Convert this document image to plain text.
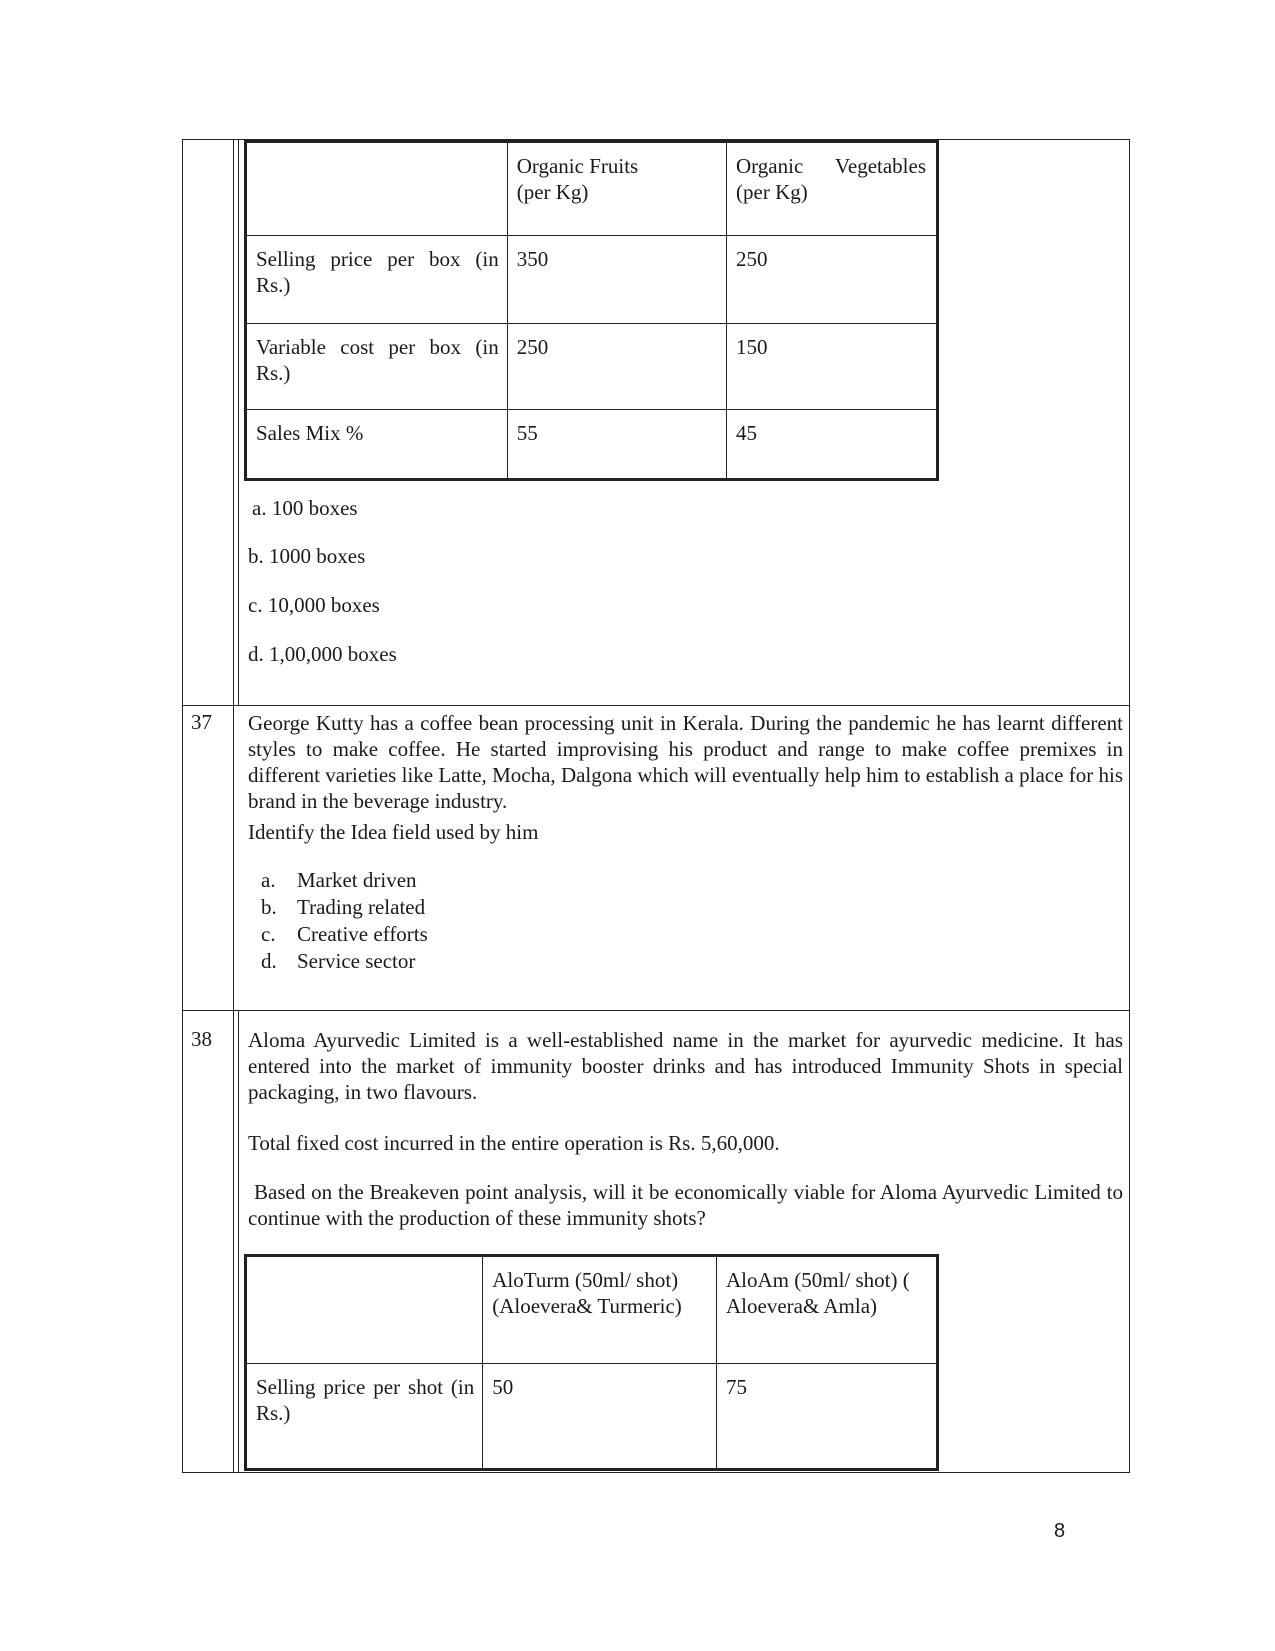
	Organic Fruits (per Kg)	Organic Vegetables (per Kg)

Selling price per box (in Rs.)	350	250

Variable cost per box (in Rs.)	250	150
Sales Mix %	55	45
a. 100 boxes
b. 1000 boxes
c. 10,000 boxes
d. 1,00,000 boxes
37 George Kutty has a coffee bean processing unit in Kerala. During the pandemic he has learnt different styles to make coffee. He started improvising his product and range to make coffee premixes in different varieties like Latte, Mocha, Dalgona which will eventually help him to establish a place for his brand in the beverage industry.
Identify the Idea field used by him
a.	Market driven
b. Trading related
c.	Creative efforts
d. Service sector
38 Aloma Ayurvedic Limited is a well-established name in the market for ayurvedic medicine. It has entered into the market of immunity booster drinks and has introduced Immunity Shots in special packaging, in two flavours.
Total fixed cost incurred in the entire operation is Rs. 5,60,000.
Based on the Breakeven point analysis, will it be economically viable for Aloma Ayurvedic Limited to continue with the production of these immunity shots?
	AloTurm (50ml/ shot) (Aloevera& Turmeric)	AloAm (50ml/ shot) ( Aloevera& Amla)

Selling price per shot (in Rs.)	50	75
8
